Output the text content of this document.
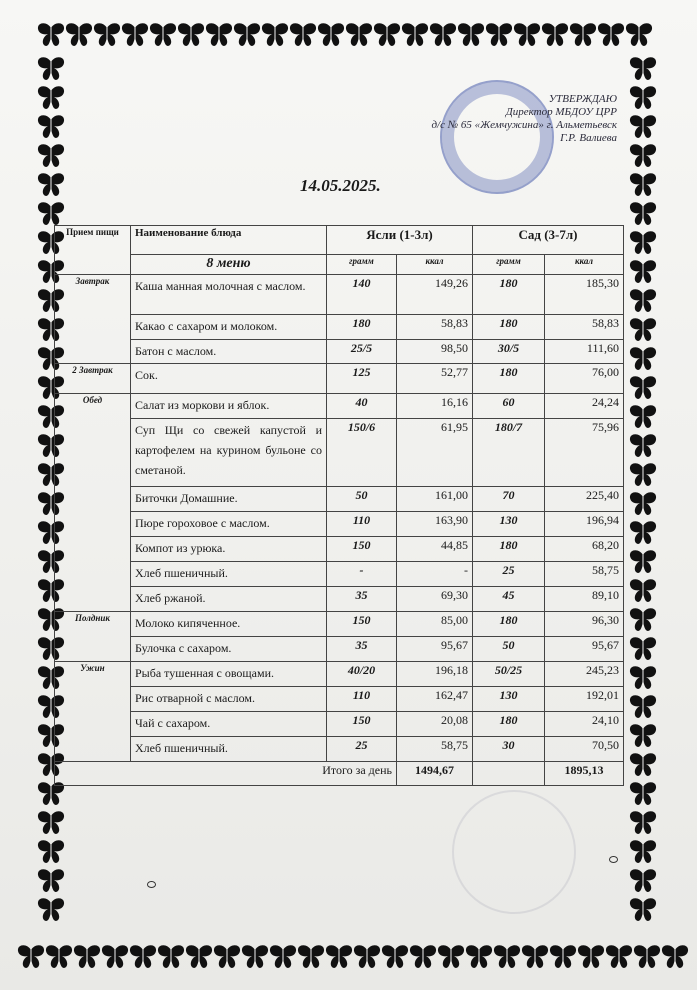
УТВЕРЖДАЮ
Директор МБДОУ ЦРР
д/с № 65 «Жемчужина» г. Альметьевск
Г.Р. Валиева
14.05.2025.
Прием пищи	Наименование блюда	Ясли (1-3л)		Сад (3-7л)	
	8 меню	грамм	ккал	грамм	ккал
Завтрак	Каша манная молочная с маслом.	140	149,26	180	185,30
	Какао с сахаром и молоком.	180	58,83	180	58,83
	Батон с маслом.	25/5	98,50	30/5	111,60
2 Завтрак	Сок.	125	52,77	180	76,00
Обед	Салат из моркови и яблок.	40	16,16	60	24,24
	Суп Щи со свежей капустой и картофелем на курином бульоне со сметаной.	150/6	61,95	180/7	75,96
	Биточки Домашние.	50	161,00	70	225,40
	Пюре гороховое с маслом.	110	163,90	130	196,94
	Компот из урюка.	150	44,85	180	68,20
	Хлеб пшеничный.	-	-	25	58,75
	Хлеб ржаной.	35	69,30	45	89,10
Полдник	Молоко кипяченное.	150	85,00	180	96,30
	Булочка с сахаром.	35	95,67	50	95,67
Ужин	Рыба тушенная с овощами.	40/20	196,18	50/25	245,23
	Рис отварной с маслом.	110	162,47	130	192,01
	Чай с сахаром.	150	20,08	180	24,10
	Хлеб пшеничный.	25	58,75	30	70,50
Итого за день			1494,67		1895,13
